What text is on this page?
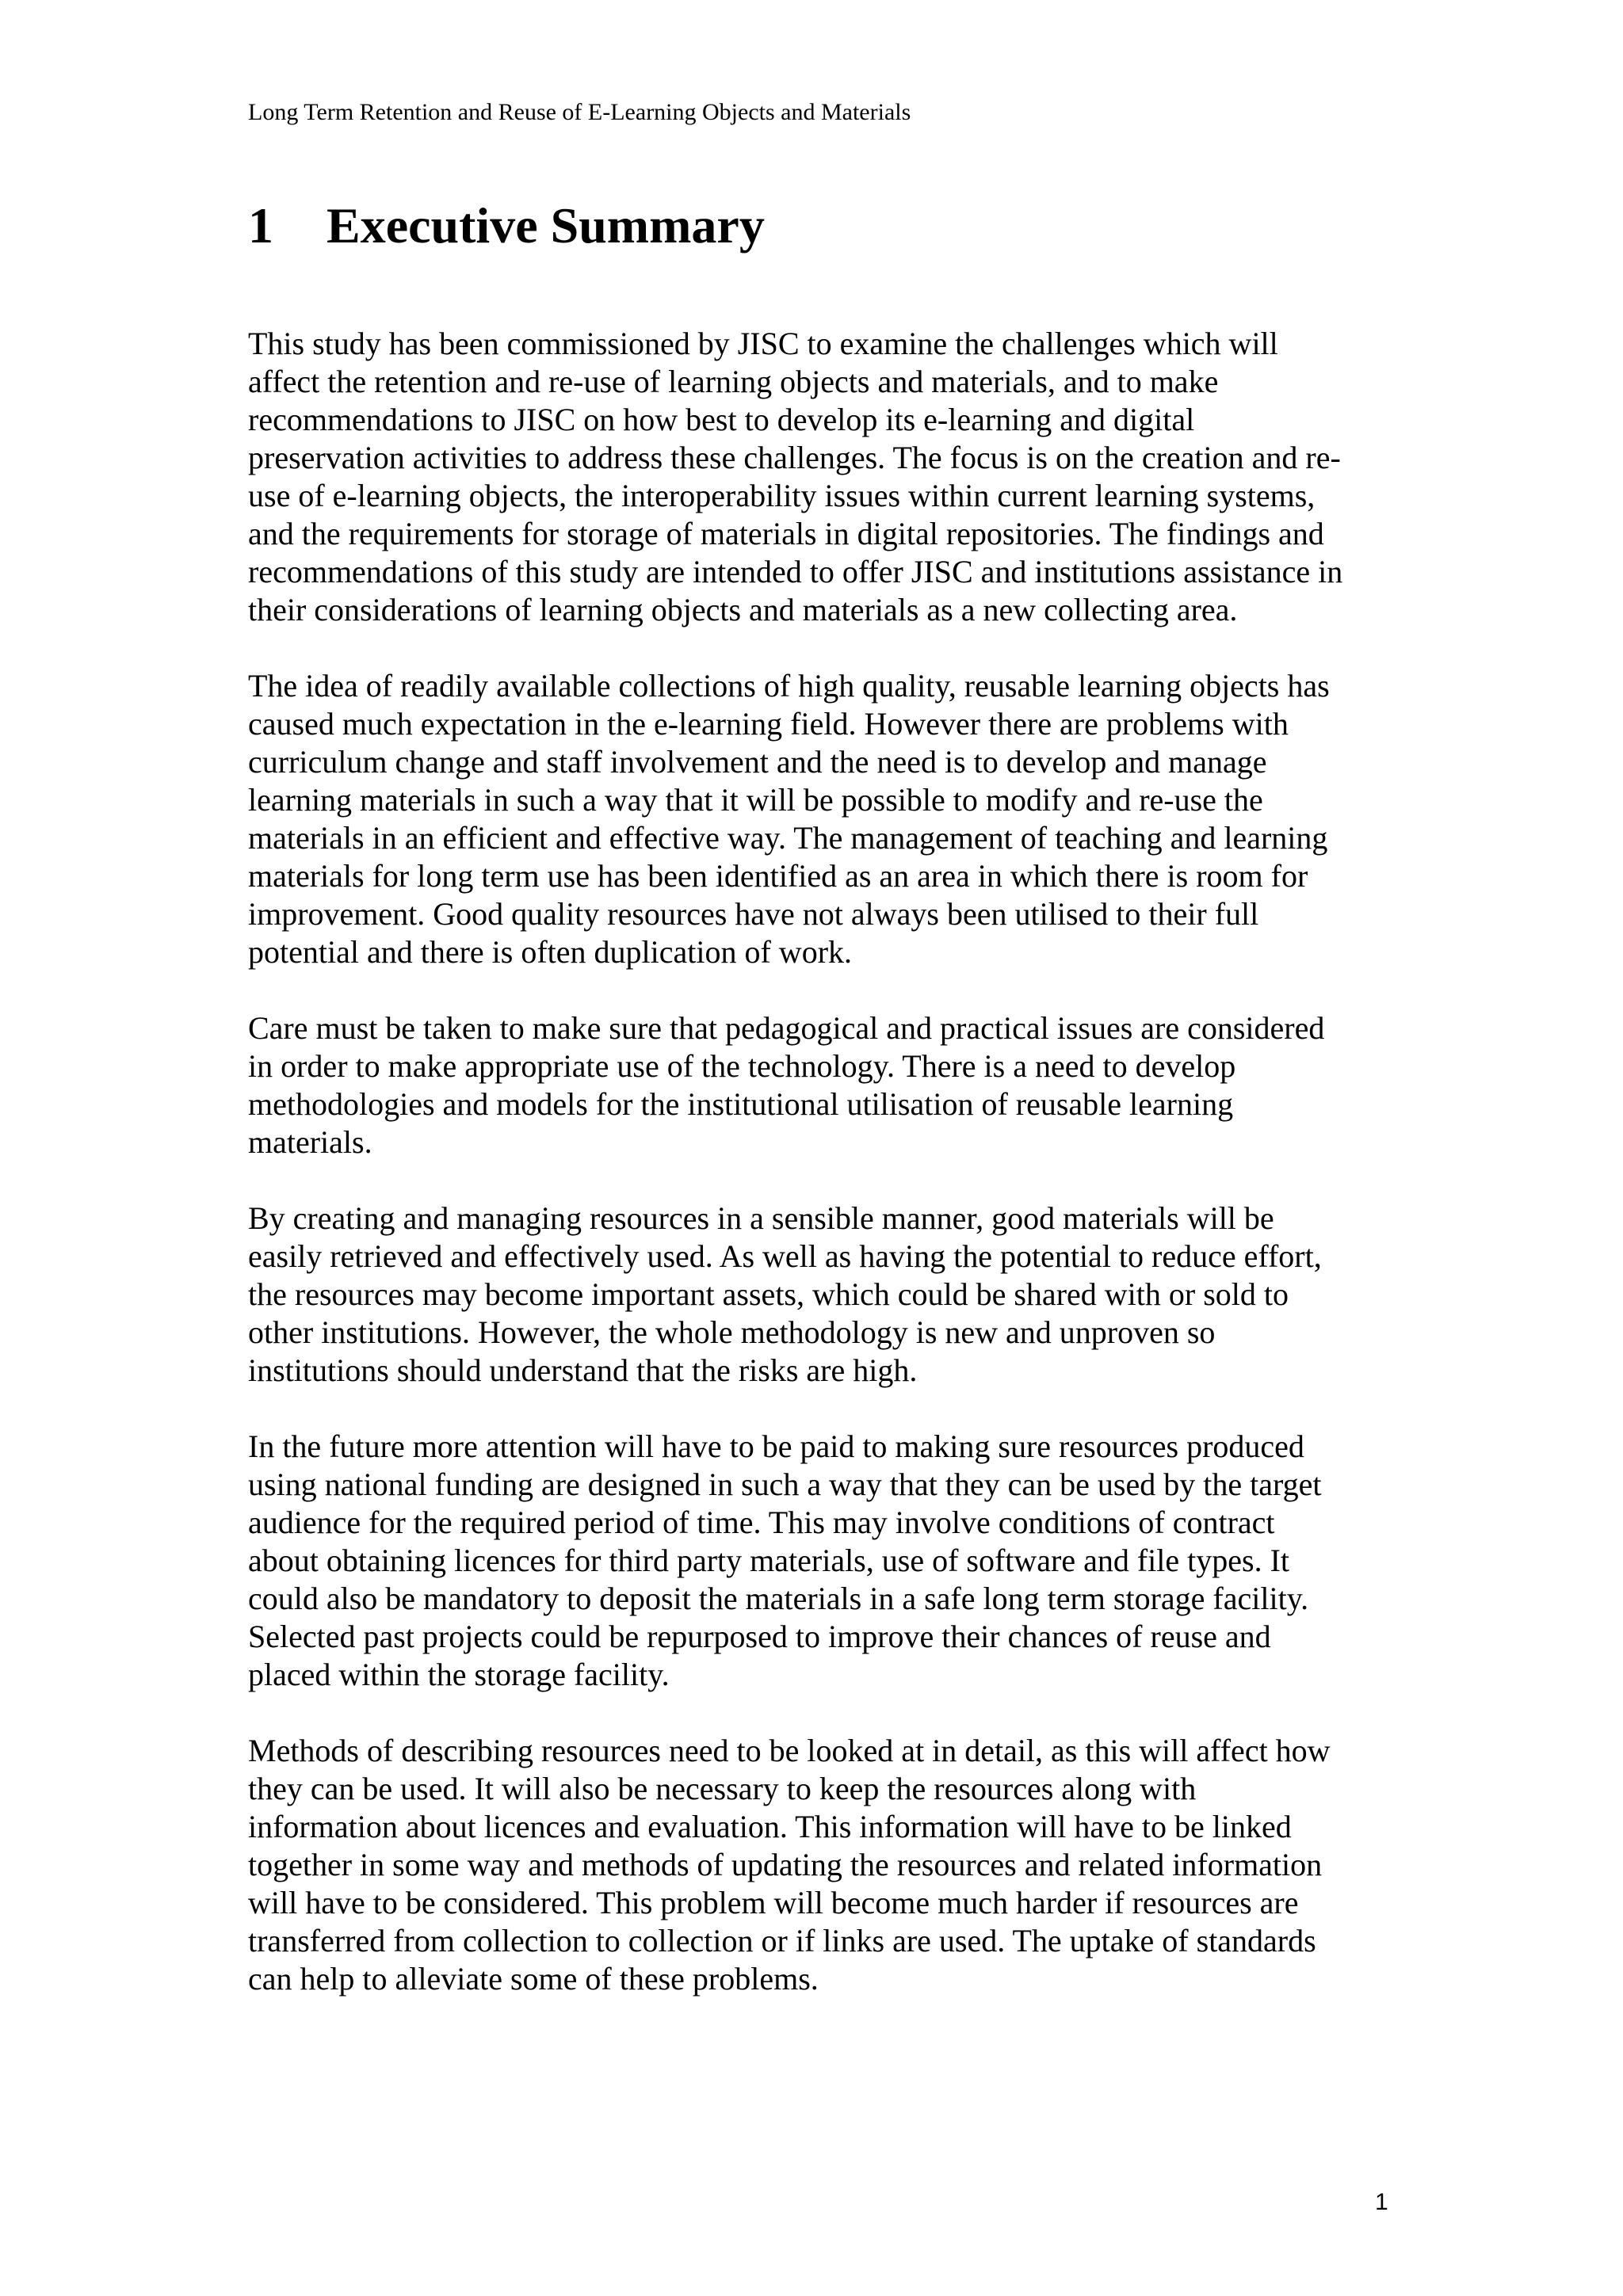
Long Term Retention and Reuse of E-Learning Objects and Materials
1 Executive Summary

This study has been commissioned by JISC to examine the challenges which will
affect the retention and re-use of learning objects and materials, and to make
recommendations to JISC on how best to develop its e-learning and digital
preservation activities to address these challenges. The focus is on the creation and re-
use of e-learning objects, the interoperability issues within current learning systems,
and the requirements for storage of materials in digital repositories. The findings and
recommendations of this study are intended to offer JISC and institutions assistance in
their considerations of learning objects and materials as a new collecting area.

The idea of readily available collections of high quality, reusable learning objects has
caused much expectation in the e-learning field. However there are problems with
curriculum change and staff involvement and the need is to develop and manage
learning materials in such a way that it will be possible to modify and re-use the
materials in an efficient and effective way. The management of teaching and learning
materials for long term use has been identified as an area in which there is room for
improvement. Good quality resources have not always been utilised to their full
potential and there is often duplication of work.

Care must be taken to make sure that pedagogical and practical issues are considered
in order to make appropriate use of the technology. There is a need to develop
methodologies and models for the institutional utilisation of reusable learning
materials.

By creating and managing resources in a sensible manner, good materials will be
easily retrieved and effectively used. As well as having the potential to reduce effort,
the resources may become important assets, which could be shared with or sold to
other institutions. However, the whole methodology is new and unproven so
institutions should understand that the risks are high.

In the future more attention will have to be paid to making sure resources produced
using national funding are designed in such a way that they can be used by the target
audience for the required period of time. This may involve conditions of contract
about obtaining licences for third party materials, use of software and file types. It
could also be mandatory to deposit the materials in a safe long term storage facility.
Selected past projects could be repurposed to improve their chances of reuse and
placed within the storage facility.

Methods of describing resources need to be looked at in detail, as this will affect how
they can be used. It will also be necessary to keep the resources along with
information about licences and evaluation. This information will have to be linked
together in some way and methods of updating the resources and related information
will have to be considered. This problem will become much harder if resources are
transferred from collection to collection or if links are used. The uptake of standards
can help to alleviate some of these problems.

1
